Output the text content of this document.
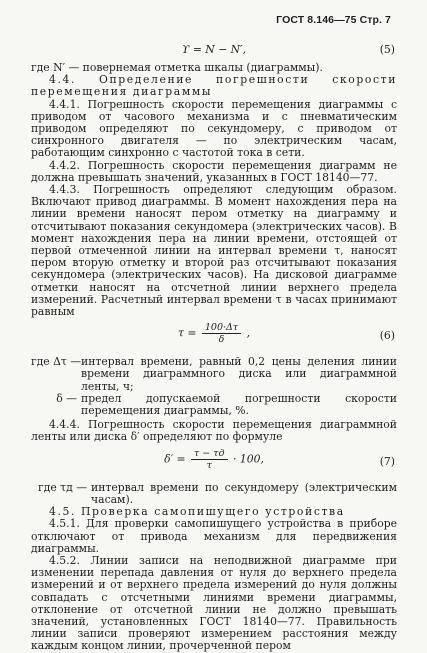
ГОСТ 8.146—75 Стр. 7
ϒ = N − N′,	(5)
где N′ — повернемая отметка шкалы (диаграммы).
4.4. Определение погрешности скорости перемещения диаграммы
4.4.1. Погрешность скорости перемещения диаграммы с приводом от часового механизма и с пневматическим приводом определяют по секундомеру, с приводом от синхронного двигателя — по электрическим часам, работающим синхронно с частотой тока в сети.
4.4.2. Погрешность скорости перемещения диаграмм не должна превышать значений, указанных в ГОСТ 18140—77.
4.4.3. Погрешность определяют следующим образом. Включают привод диаграммы. В момент нахождения пера на линии времени наносят пером отметку на диаграмму и отсчитывают показания секундомера (электрических часов). В момент нахождения пера на линии времени, отстоящей от первой отмеченной линии на интервал времени τ, наносят пером вторую отметку и второй раз отсчитывают показания секундомера (электрических часов). На дисковой диаграмме отметки наносят на отсчетной линии верхнего предела измерений. Расчетный интервал времени τ в часах принимают равным
$\tau = \frac{100\cdot\Delta\tau}{\delta}$ ,	(6)
где Δτ — интервал времени, равный 0,2 цены деления линии времени диаграммного диска или диаграммной ленты, ч;
δ — предел допускаемой погрешности скорости перемещения диаграммы, %.
4.4.4. Погрешность скорости перемещения диаграммной ленты или диска δ′ определяют по формуле
$\delta' = \frac{\tau - \tau д}{\tau} \cdot 100$,	(7)
где τд — интервал времени по секундомеру (электрическим часам).
4.5. Проверка самопишущего устройства
4.5.1. Для проверки самопишущего устройства в приборе отключают от привода механизм для передвижения диаграммы.
4.5.2. Линии записи на неподвижной диаграмме при изменении перепада давления от нуля до верхнего предела измерений и от верхнего предела измерений до нуля должны совпадать с отсчетными линиями времени диаграммы, отклонение от отсчетной линии не должно превышать значений, установленных ГОСТ 18140—77. Правильность линии записи проверяют измерением расстояния между каждым концом линии, прочерченной пером
